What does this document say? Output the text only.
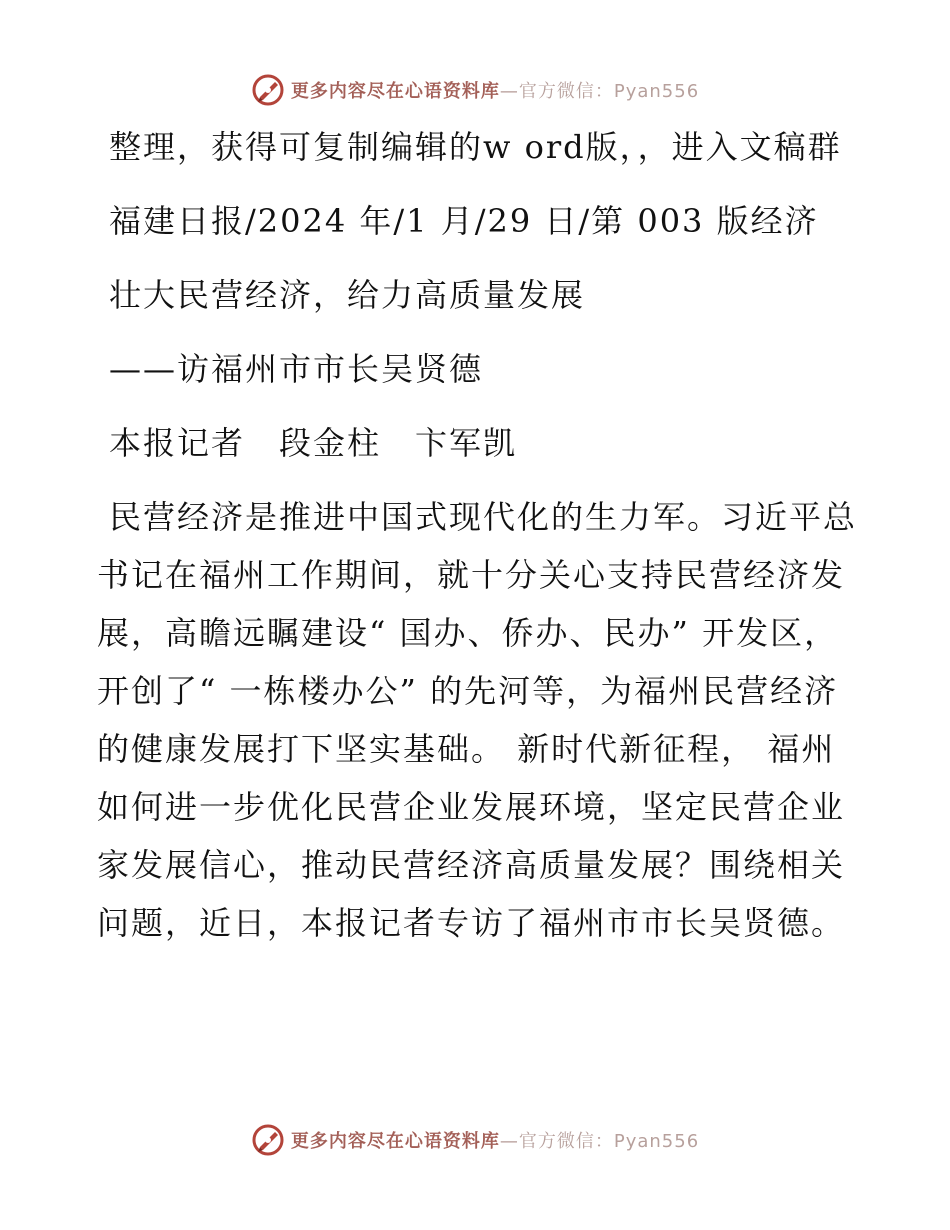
更多内容尽在心语资料库—官方微信：Pyan556

整理，获得可复制编辑的w ord版，，进入文稿群

福建日报/2024 年/1 月/29 日/第 003 版经济

壮大民营经济，给力高质量发展

——访福州市市长吴贤德

本报记者　段金柱　卞军凯

民营经济是推进中国式现代化的生力军。习近平总书记在福州工作期间，就十分关心支持民营经济发展，高瞻远瞩建设“ 国办、侨办、民办” 开发区，开创了“ 一栋楼办公” 的先河等，为福州民营经济的健康发展打下坚实基础。 新时代新征程， 福州如何进一步优化民营企业发展环境，坚定民营企业家发展信心，推动民营经济高质量发展？围绕相关问题，近日，本报记者专访了福州市市长吴贤德。

更多内容尽在心语资料库—官方微信：Pyan556
